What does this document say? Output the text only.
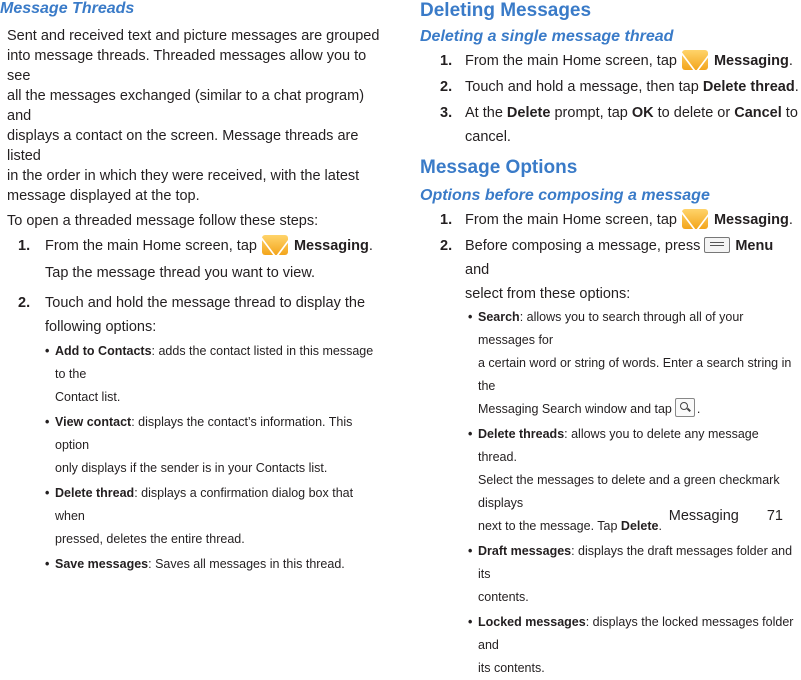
Message Threads

Sent and received text and picture messages are grouped

into message threads. Threaded messages allow you to see

all the messages exchanged (similar to a chat program) and

displays a contact on the screen. Message threads are listed

in the order in which they were received, with the latest

message displayed at the top.

To open a threaded message follow these steps:

1. From the main Home screen, tap	Messaging.
Tap the message thread you want to view.
2. Touch and hold the message thread to display the
following options:
• Add to Contacts: adds the contact listed in this message to the
Contact list.
• View contact: displays the contact’s information. This option
only displays if the sender is in your Contacts list.
• Delete thread: displays a confirmation dialog box that when
pressed, deletes the entire thread.
• Save messages: Saves all messages in this thread.
Deleting Messages
Deleting a single message thread
1. From the main Home screen, tap	Messaging.
2. Touch and hold a message, then tap Delete thread.
3. At the Delete prompt, tap OK to delete or Cancel to
cancel.
Message Options
Options before composing a message
1. From the main Home screen, tap	Messaging.
2. Before composing a message, press Menu and
select from these options:
• Search: allows you to search through all of your messages for
a certain word or string of words. Enter a search string in the
Messaging Search window and tap .
• Delete threads: allows you to delete any message thread.
Select the messages to delete and a green checkmark displays
next to the message. Tap Delete.
• Draft messages: displays the draft messages folder and its
contents.
• Locked messages: displays the locked messages folder and
its contents.
Messaging 71
